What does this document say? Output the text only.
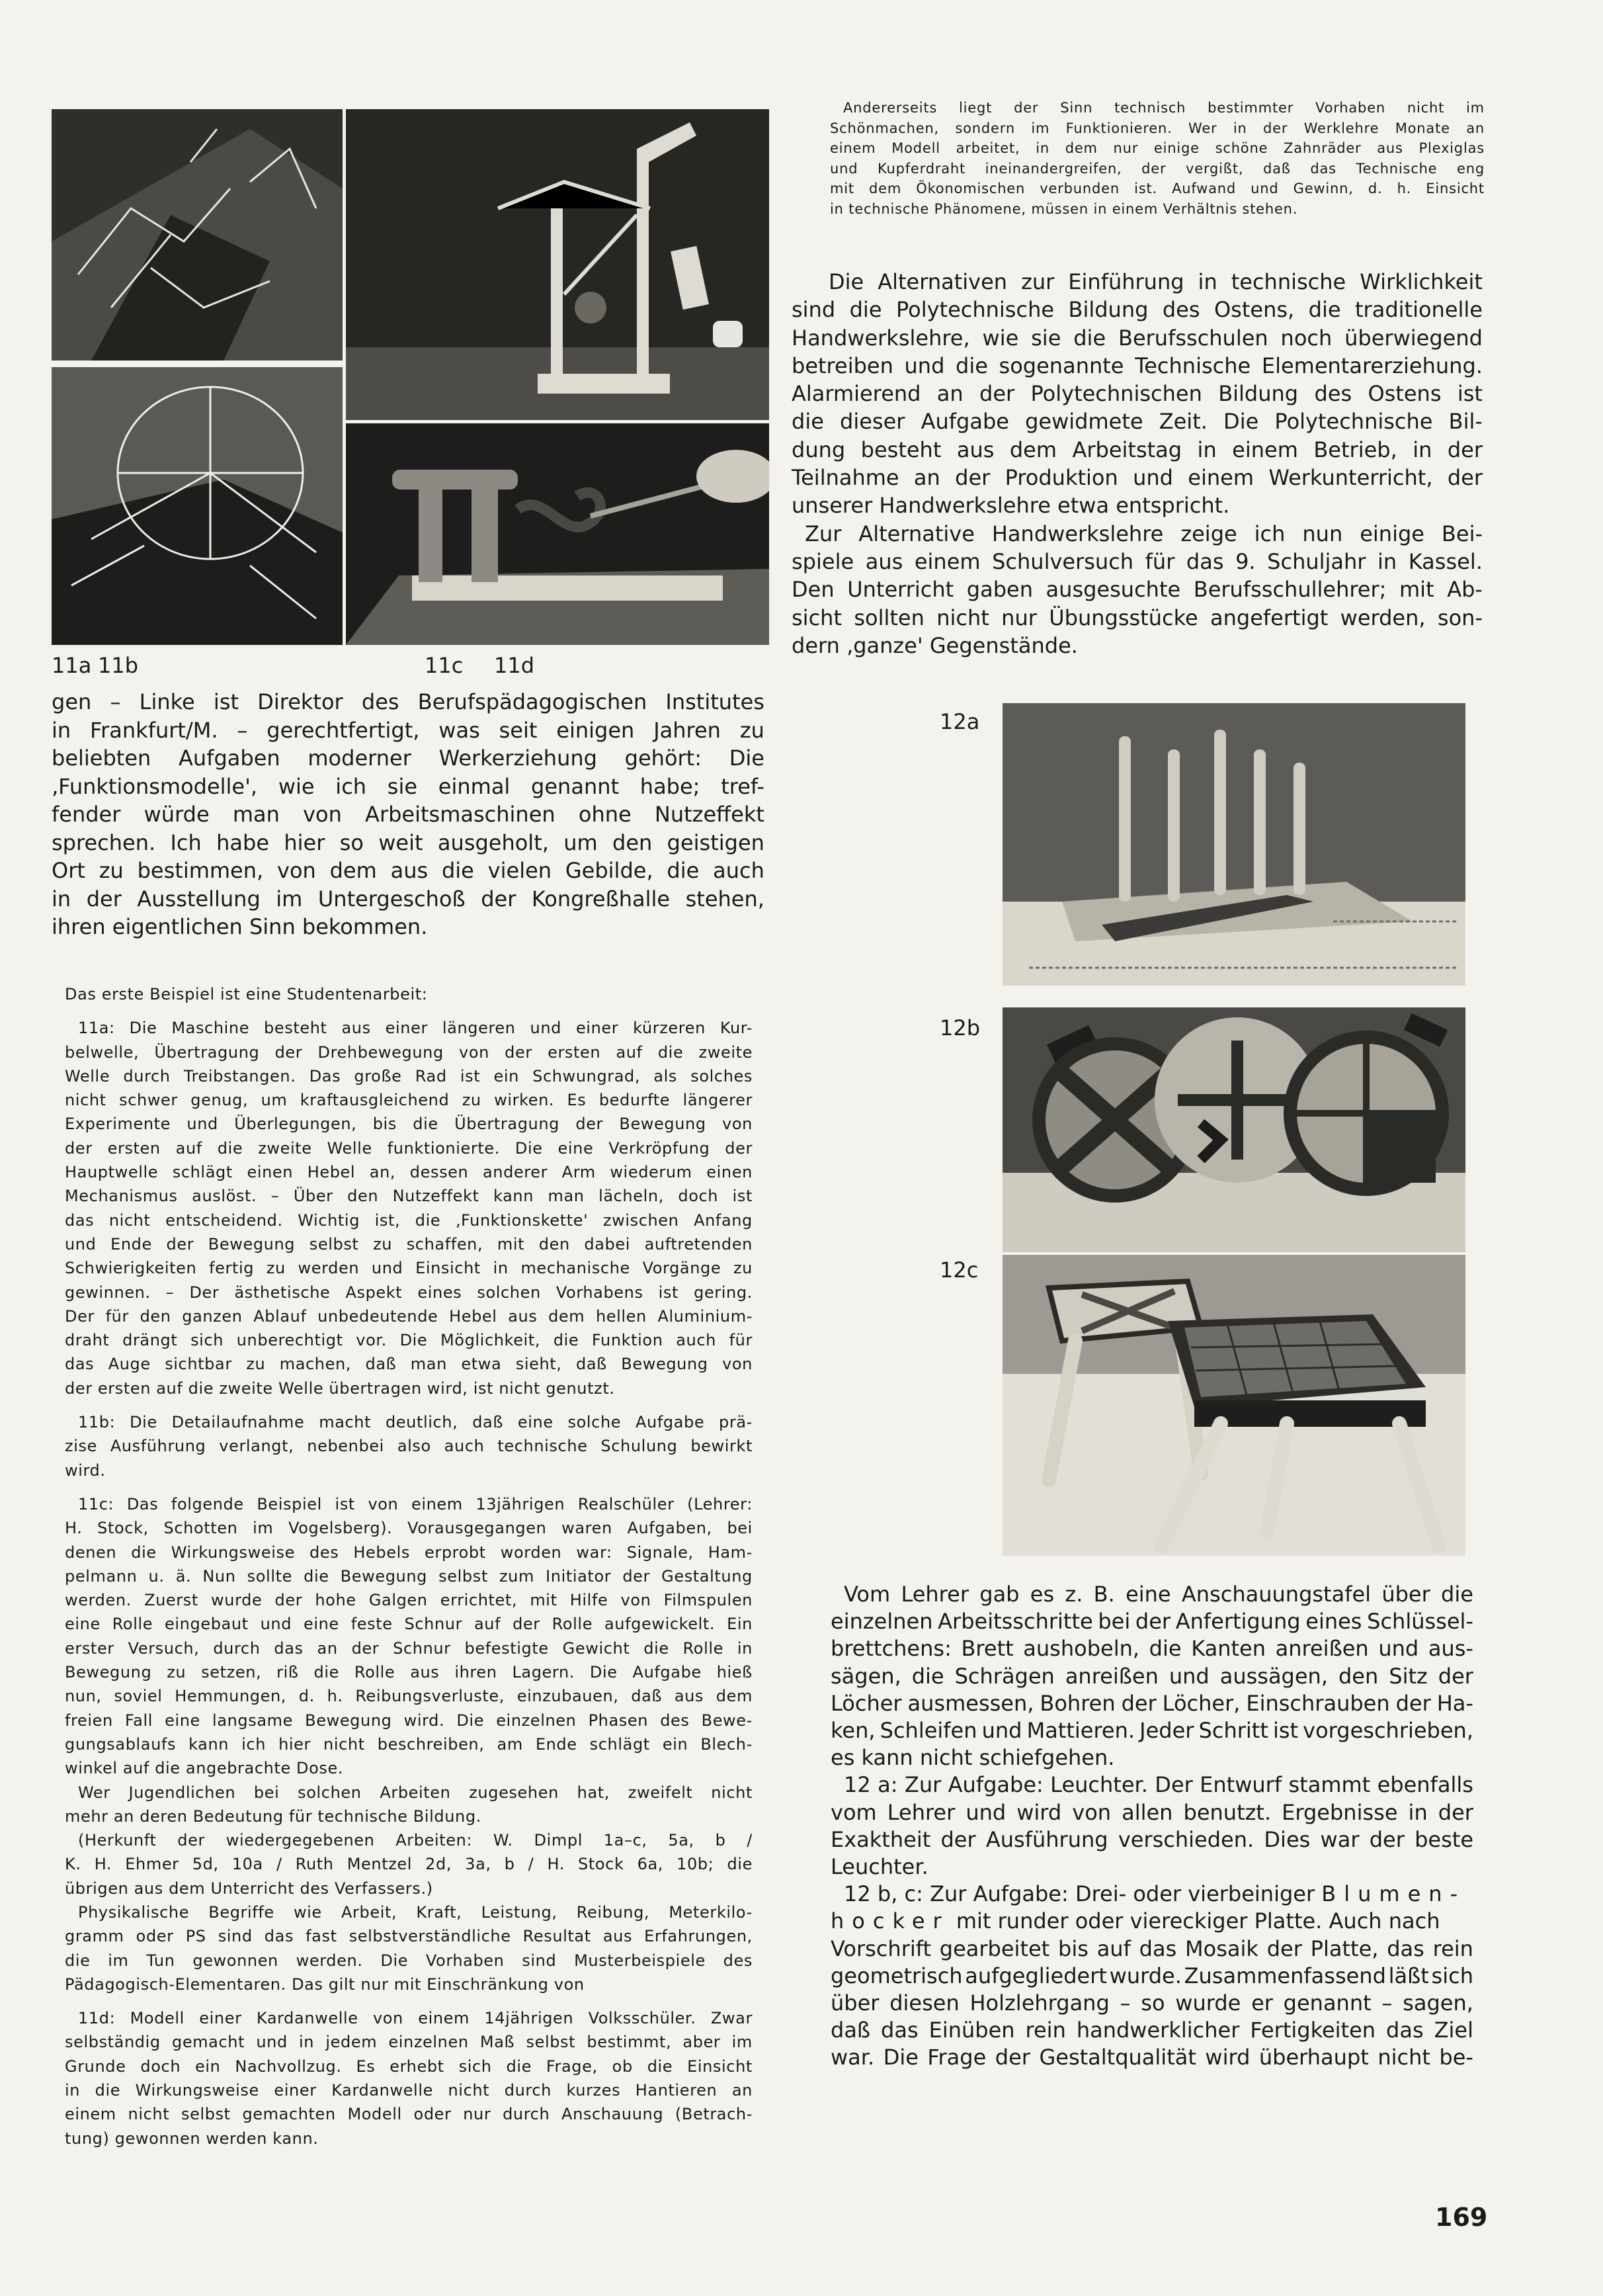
11a 11b	11c 11d
gen – Linke ist Direktor des Berufspädagogischen Institutes
in Frankfurt/M. – gerechtfertigt, was seit einigen Jahren zu
beliebten Aufgaben moderner Werkerziehung gehört: Die
‚Funktionsmodelle', wie ich sie einmal genannt habe; tref-
fender würde man von Arbeitsmaschinen ohne Nutzeffekt
sprechen. Ich habe hier so weit ausgeholt, um den geistigen
Ort zu bestimmen, von dem aus die vielen Gebilde, die auch
in der Ausstellung im Untergeschoß der Kongreßhalle stehen,
ihren eigentlichen Sinn bekommen.
Das erste Beispiel ist eine Studentenarbeit:
11a: Die Maschine besteht aus einer längeren und einer kürzeren Kur-
belwelle, Übertragung der Drehbewegung von der ersten auf die zweite
Welle durch Treibstangen. Das große Rad ist ein Schwungrad, als solches
nicht schwer genug, um kraftausgleichend zu wirken. Es bedurfte längerer
Experimente und Überlegungen, bis die Übertragung der Bewegung von
der ersten auf die zweite Welle funktionierte. Die eine Verkröpfung der
Hauptwelle schlägt einen Hebel an, dessen anderer Arm wiederum einen
Mechanismus auslöst. – Über den Nutzeffekt kann man lächeln, doch ist
das nicht entscheidend. Wichtig ist, die ‚Funktionskette' zwischen Anfang
und Ende der Bewegung selbst zu schaffen, mit den dabei auftretenden
Schwierigkeiten fertig zu werden und Einsicht in mechanische Vorgänge zu
gewinnen. – Der ästhetische Aspekt eines solchen Vorhabens ist gering.
Der für den ganzen Ablauf unbedeutende Hebel aus dem hellen Aluminium-
draht drängt sich unberechtigt vor. Die Möglichkeit, die Funktion auch für
das Auge sichtbar zu machen, daß man etwa sieht, daß Bewegung von
der ersten auf die zweite Welle übertragen wird, ist nicht genutzt.
11b: Die Detailaufnahme macht deutlich, daß eine solche Aufgabe prä-
zise Ausführung verlangt, nebenbei also auch technische Schulung bewirkt
wird.
11c: Das folgende Beispiel ist von einem 13jährigen Realschüler (Lehrer:
H. Stock, Schotten im Vogelsberg). Vorausgegangen waren Aufgaben, bei
denen die Wirkungsweise des Hebels erprobt worden war: Signale, Ham-
pelmann u. ä. Nun sollte die Bewegung selbst zum Initiator der Gestaltung
werden. Zuerst wurde der hohe Galgen errichtet, mit Hilfe von Filmspulen
eine Rolle eingebaut und eine feste Schnur auf der Rolle aufgewickelt. Ein
erster Versuch, durch das an der Schnur befestigte Gewicht die Rolle in
Bewegung zu setzen, riß die Rolle aus ihren Lagern. Die Aufgabe hieß
nun, soviel Hemmungen, d. h. Reibungsverluste, einzubauen, daß aus dem
freien Fall eine langsame Bewegung wird. Die einzelnen Phasen des Bewe-
gungsablaufs kann ich hier nicht beschreiben, am Ende schlägt ein Blech-
winkel auf die angebrachte Dose.
Wer Jugendlichen bei solchen Arbeiten zugesehen hat, zweifelt nicht
mehr an deren Bedeutung für technische Bildung.
(Herkunft der wiedergegebenen Arbeiten: W. Dimpl 1a–c, 5a, b /
K. H. Ehmer 5d, 10a / Ruth Mentzel 2d, 3a, b / H. Stock 6a, 10b; die
übrigen aus dem Unterricht des Verfassers.)
Physikalische Begriffe wie Arbeit, Kraft, Leistung, Reibung, Meterkilo-
gramm oder PS sind das fast selbstverständliche Resultat aus Erfahrungen,
die im Tun gewonnen werden. Die Vorhaben sind Musterbeispiele des
Pädagogisch-Elementaren. Das gilt nur mit Einschränkung von
11d: Modell einer Kardanwelle von einem 14jährigen Volksschüler. Zwar
selbständig gemacht und in jedem einzelnen Maß selbst bestimmt, aber im
Grunde doch ein Nachvollzug. Es erhebt sich die Frage, ob die Einsicht
in die Wirkungsweise einer Kardanwelle nicht durch kurzes Hantieren an
einem nicht selbst gemachten Modell oder nur durch Anschauung (Betrach-
tung) gewonnen werden kann.
Andererseits liegt der Sinn technisch bestimmter Vorhaben nicht im
Schönmachen, sondern im Funktionieren. Wer in der Werklehre Monate an
einem Modell arbeitet, in dem nur einige schöne Zahnräder aus Plexiglas
und Kupferdraht ineinandergreifen, der vergißt, daß das Technische eng
mit dem Ökonomischen verbunden ist. Aufwand und Gewinn, d. h. Einsicht
in technische Phänomene, müssen in einem Verhältnis stehen.
Die Alternativen zur Einführung in technische Wirklichkeit
sind die Polytechnische Bildung des Ostens, die traditionelle
Handwerkslehre, wie sie die Berufsschulen noch überwiegend
betreiben und die sogenannte Technische Elementarerziehung.
Alarmierend an der Polytechnischen Bildung des Ostens ist
die dieser Aufgabe gewidmete Zeit. Die Polytechnische Bil-
dung besteht aus dem Arbeitstag in einem Betrieb, in der
Teilnahme an der Produktion und einem Werkunterricht, der
unserer Handwerkslehre etwa entspricht.
Zur Alternative Handwerkslehre zeige ich nun einige Bei-
spiele aus einem Schulversuch für das 9. Schuljahr in Kassel.
Den Unterricht gaben ausgesuchte Berufsschullehrer; mit Ab-
sicht sollten nicht nur Übungsstücke angefertigt werden, son-
dern ‚ganze' Gegenstände.
12a
12b
12c
Vom Lehrer gab es z. B. eine Anschauungstafel über die
einzelnen Arbeitsschritte bei der Anfertigung eines Schlüssel-
brettchens: Brett aushobeln, die Kanten anreißen und aus-
sägen, die Schrägen anreißen und aussägen, den Sitz der
Löcher ausmessen, Bohren der Löcher, Einschrauben der Ha-
ken, Schleifen und Mattieren. Jeder Schritt ist vorgeschrieben,
es kann nicht schiefgehen.
12 a: Zur Aufgabe: Leuchter. Der Entwurf stammt ebenfalls
vom Lehrer und wird von allen benutzt. Ergebnisse in der
Exaktheit der Ausführung verschieden. Dies war der beste
Leuchter.
12 b, c: Zur Aufgabe: Drei- oder vierbeiniger Blumen-
hocker mit runder oder viereckiger Platte. Auch nach
Vorschrift gearbeitet bis auf das Mosaik der Platte, das rein
geometrisch aufgegliedert wurde. Zusammenfassend läßt sich
über diesen Holzlehrgang – so wurde er genannt – sagen,
daß das Einüben rein handwerklicher Fertigkeiten das Ziel
war. Die Frage der Gestaltqualität wird überhaupt nicht be-
169
